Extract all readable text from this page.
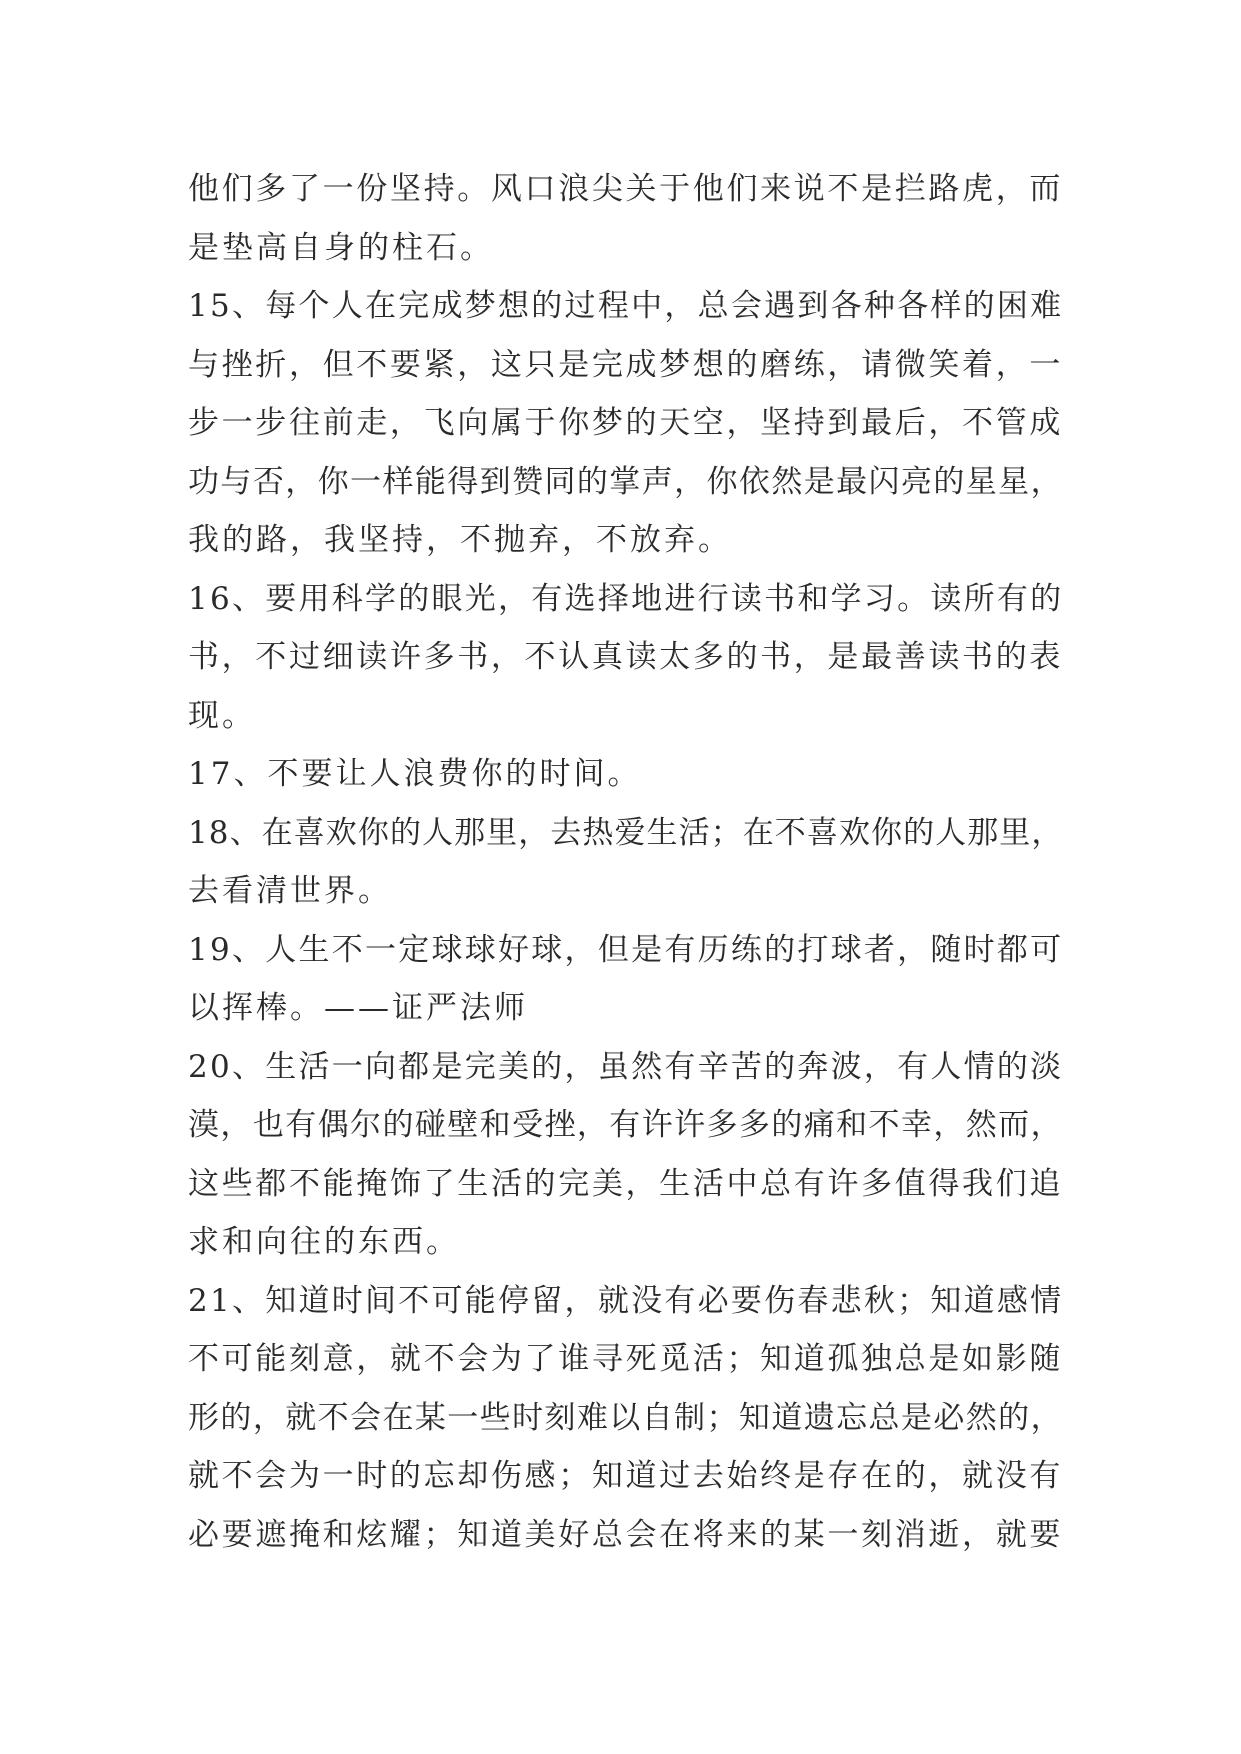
他们多了一份坚持。风口浪尖关于他们来说不是拦路虎，而
是垫高自身的柱石。
15、每个人在完成梦想的过程中，总会遇到各种各样的困难
与挫折，但不要紧，这只是完成梦想的磨练，请微笑着，一
步一步往前走，飞向属于你梦的天空，坚持到最后，不管成
功与否，你一样能得到赞同的掌声，你依然是最闪亮的星星，
我的路，我坚持，不抛弃，不放弃。
16、要用科学的眼光，有选择地进行读书和学习。读所有的
书，不过细读许多书，不认真读太多的书，是最善读书的表
现。
17、不要让人浪费你的时间。
18、在喜欢你的人那里，去热爱生活；在不喜欢你的人那里，
去看清世界。
19、人生不一定球球好球，但是有历练的打球者，随时都可
以挥棒。——证严法师
20、生活一向都是完美的，虽然有辛苦的奔波，有人情的淡
漠，也有偶尔的碰壁和受挫，有许许多多的痛和不幸，然而，
这些都不能掩饰了生活的完美，生活中总有许多值得我们追
求和向往的东西。
21、知道时间不可能停留，就没有必要伤春悲秋；知道感情
不可能刻意，就不会为了谁寻死觅活；知道孤独总是如影随
形的，就不会在某一些时刻难以自制；知道遗忘总是必然的，
就不会为一时的忘却伤感；知道过去始终是存在的，就没有
必要遮掩和炫耀；知道美好总会在将来的某一刻消逝，就要
